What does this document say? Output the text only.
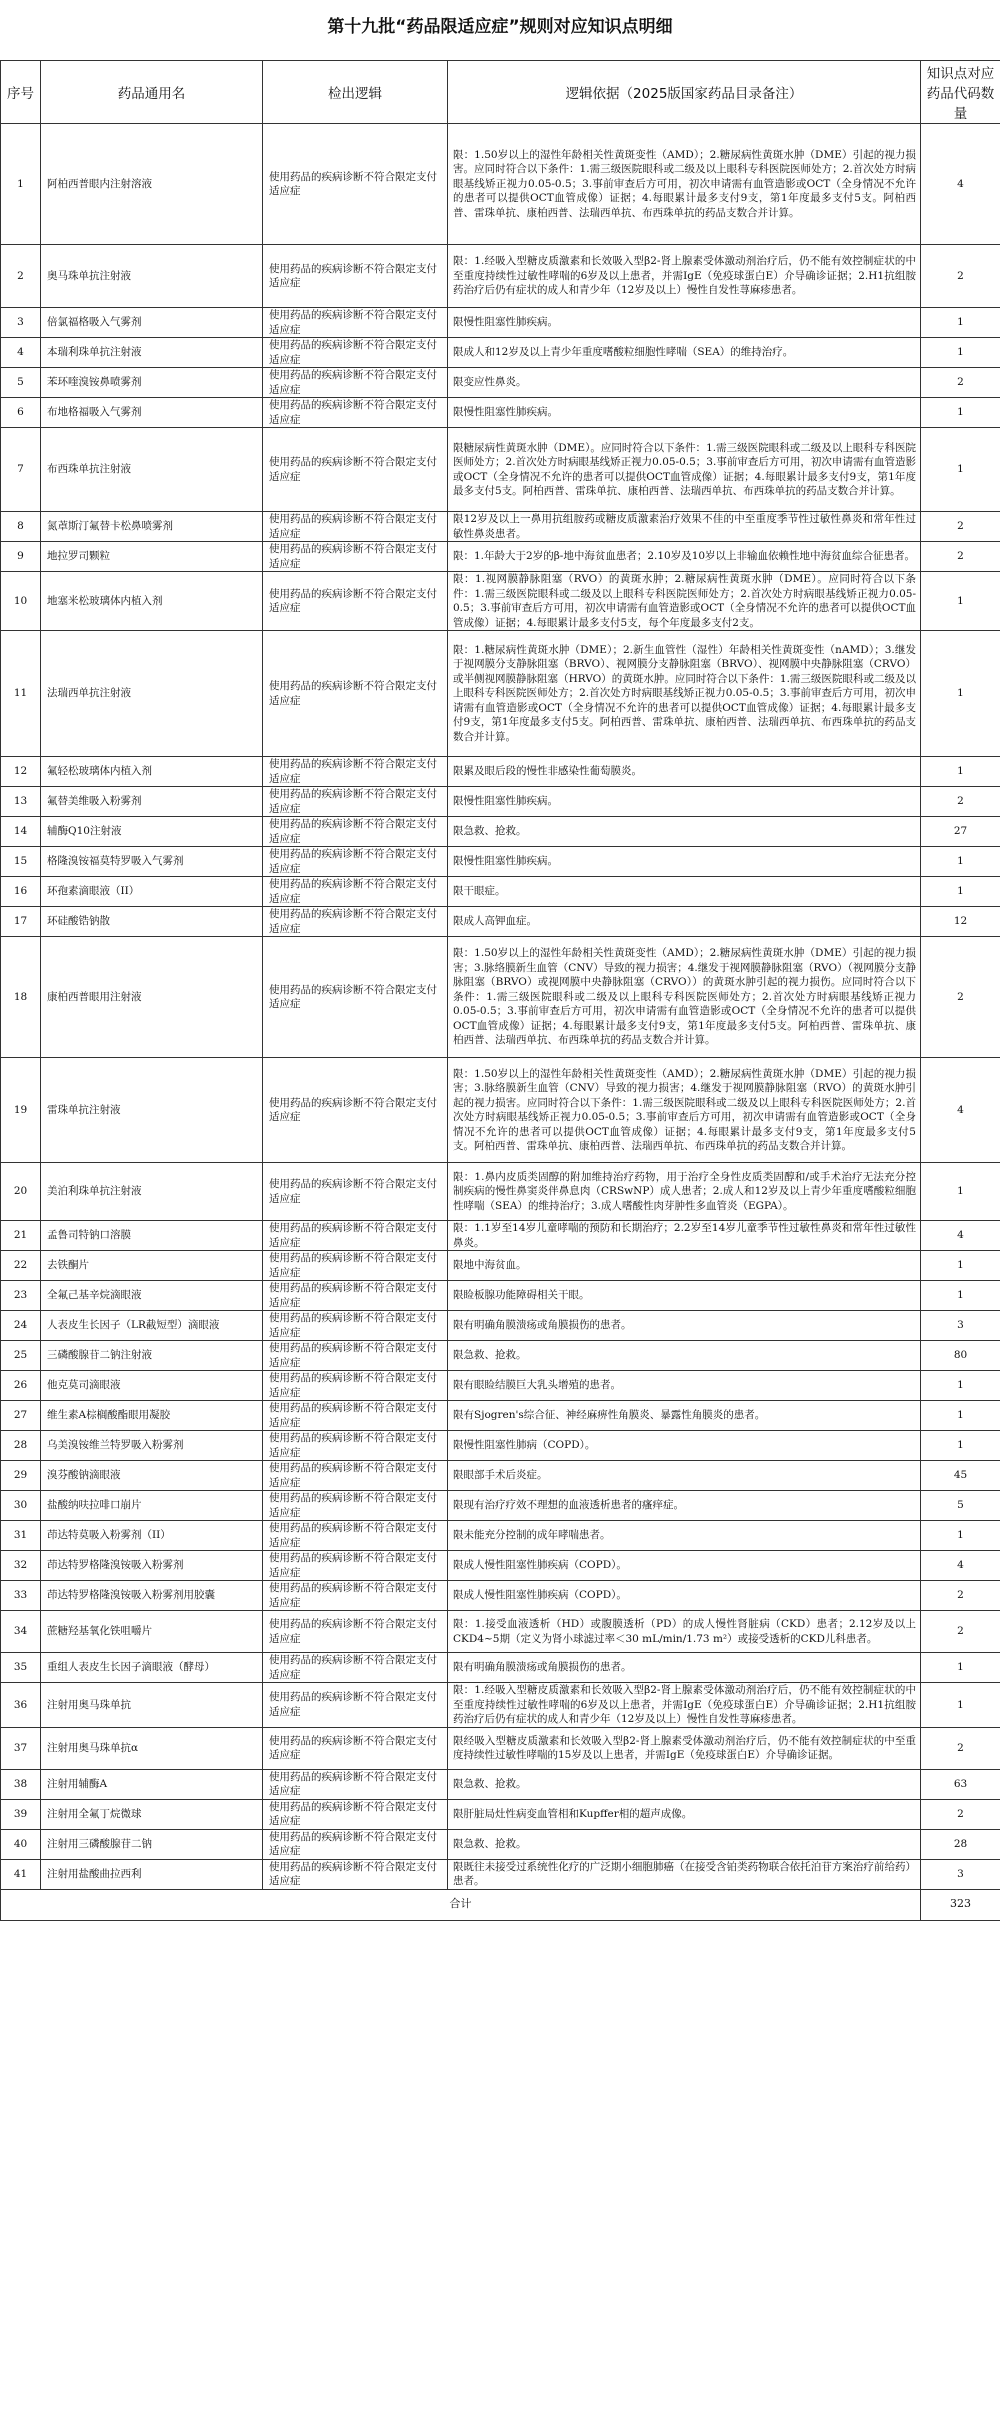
第十九批“药品限适应症”规则对应知识点明细
序号	药品通用名	检出逻辑	逻辑依据（2025版国家药品目录备注）	知识点对应药品代码数量
1	阿柏西普眼内注射溶液	使用药品的疾病诊断不符合限定支付适应症	限：1.50岁以上的湿性年龄相关性黄斑变性（AMD）；2.糖尿病性黄斑水肿（DME）引起的视力损害。应同时符合以下条件：1.需三级医院眼科或二级及以上眼科专科医院医师处方；2.首次处方时病眼基线矫正视力0.05-0.5；3.事前审查后方可用，初次申请需有血管造影或OCT（全身情况不允许的患者可以提供OCT血管成像）证据；4.每眼累计最多支付9支，第1年度最多支付5支。阿柏西普、雷珠单抗、康柏西普、法瑞西单抗、布西珠单抗的药品支数合并计算。	4
2	奥马珠单抗注射液	使用药品的疾病诊断不符合限定支付适应症	限：1.经吸入型糖皮质激素和长效吸入型β2-肾上腺素受体激动剂治疗后，仍不能有效控制症状的中至重度持续性过敏性哮喘的6岁及以上患者，并需IgE（免疫球蛋白E）介导确诊证据；2.H1抗组胺药治疗后仍有症状的成人和青少年（12岁及以上）慢性自发性荨麻疹患者。	2
3	倍氯福格吸入气雾剂	使用药品的疾病诊断不符合限定支付适应症	限慢性阻塞性肺疾病。	1
4	本瑞利珠单抗注射液	使用药品的疾病诊断不符合限定支付适应症	限成人和12岁及以上青少年重度嗜酸粒细胞性哮喘（SEA）的维持治疗。	1
5	苯环喹溴铵鼻喷雾剂	使用药品的疾病诊断不符合限定支付适应症	限变应性鼻炎。	2
6	布地格福吸入气雾剂	使用药品的疾病诊断不符合限定支付适应症	限慢性阻塞性肺疾病。	1
7	布西珠单抗注射液	使用药品的疾病诊断不符合限定支付适应症	限糖尿病性黄斑水肿（DME）。应同时符合以下条件：1.需三级医院眼科或二级及以上眼科专科医院医师处方；2.首次处方时病眼基线矫正视力0.05-0.5；3.事前审查后方可用，初次申请需有血管造影或OCT（全身情况不允许的患者可以提供OCT血管成像）证据；4.每眼累计最多支付9支，第1年度最多支付5支。阿柏西普、雷珠单抗、康柏西普、法瑞西单抗、布西珠单抗的药品支数合并计算。	1
8	氮䓬斯汀氟替卡松鼻喷雾剂	使用药品的疾病诊断不符合限定支付适应症	限12岁及以上一鼻用抗组胺药或糖皮质激素治疗效果不佳的中至重度季节性过敏性鼻炎和常年性过敏性鼻炎患者。	2
9	地拉罗司颗粒	使用药品的疾病诊断不符合限定支付适应症	限：1.年龄大于2岁的β-地中海贫血患者；2.10岁及10岁以上非输血依赖性地中海贫血综合征患者。	2
10	地塞米松玻璃体内植入剂	使用药品的疾病诊断不符合限定支付适应症	限：1.视网膜静脉阻塞（RVO）的黄斑水肿；2.糖尿病性黄斑水肿（DME）。应同时符合以下条件：1.需三级医院眼科或二级及以上眼科专科医院医师处方；2.首次处方时病眼基线矫正视力0.05-0.5；3.事前审查后方可用，初次申请需有血管造影或OCT（全身情况不允许的患者可以提供OCT血管成像）证据；4.每眼累计最多支付5支，每个年度最多支付2支。	1
11	法瑞西单抗注射液	使用药品的疾病诊断不符合限定支付适应症	限：1.糖尿病性黄斑水肿（DME）；2.新生血管性（湿性）年龄相关性黄斑变性（nAMD）；3.继发于视网膜分支静脉阻塞（BRVO）、视网膜分支静脉阻塞（BRVO）、视网膜中央静脉阻塞（CRVO）或半侧视网膜静脉阻塞（HRVO）的黄斑水肿。应同时符合以下条件：1.需三级医院眼科或二级及以上眼科专科医院医师处方；2.首次处方时病眼基线矫正视力0.05-0.5；3.事前审查后方可用，初次申请需有血管造影或OCT（全身情况不允许的患者可以提供OCT血管成像）证据；4.每眼累计最多支付9支，第1年度最多支付5支。阿柏西普、雷珠单抗、康柏西普、法瑞西单抗、布西珠单抗的药品支数合并计算。	1
12	氟轻松玻璃体内植入剂	使用药品的疾病诊断不符合限定支付适应症	限累及眼后段的慢性非感染性葡萄膜炎。	1
13	氟替美维吸入粉雾剂	使用药品的疾病诊断不符合限定支付适应症	限慢性阻塞性肺疾病。	2
14	辅酶Q10注射液	使用药品的疾病诊断不符合限定支付适应症	限急救、抢救。	27
15	格隆溴铵福莫特罗吸入气雾剂	使用药品的疾病诊断不符合限定支付适应症	限慢性阻塞性肺疾病。	1
16	环孢素滴眼液（II）	使用药品的疾病诊断不符合限定支付适应症	限干眼症。	1
17	环硅酸锆钠散	使用药品的疾病诊断不符合限定支付适应症	限成人高钾血症。	12
18	康柏西普眼用注射液	使用药品的疾病诊断不符合限定支付适应症	限：1.50岁以上的湿性年龄相关性黄斑变性（AMD）；2.糖尿病性黄斑水肿（DME）引起的视力损害；3.脉络膜新生血管（CNV）导致的视力损害；4.继发于视网膜静脉阻塞（RVO）（视网膜分支静脉阻塞（BRVO）或视网膜中央静脉阻塞（CRVO））的黄斑水肿引起的视力损伤。应同时符合以下条件：1.需三级医院眼科或二级及以上眼科专科医院医师处方；2.首次处方时病眼基线矫正视力0.05-0.5；3.事前审查后方可用，初次申请需有血管造影或OCT（全身情况不允许的患者可以提供OCT血管成像）证据；4.每眼累计最多支付9支，第1年度最多支付5支。阿柏西普、雷珠单抗、康柏西普、法瑞西单抗、布西珠单抗的药品支数合并计算。	2
19	雷珠单抗注射液	使用药品的疾病诊断不符合限定支付适应症	限：1.50岁以上的湿性年龄相关性黄斑变性（AMD）；2.糖尿病性黄斑水肿（DME）引起的视力损害；3.脉络膜新生血管（CNV）导致的视力损害；4.继发于视网膜静脉阻塞（RVO）的黄斑水肿引起的视力损害。应同时符合以下条件：1.需三级医院眼科或二级及以上眼科专科医院医师处方；2.首次处方时病眼基线矫正视力0.05-0.5；3.事前审查后方可用，初次申请需有血管造影或OCT（全身情况不允许的患者可以提供OCT血管成像）证据；4.每眼累计最多支付9支，第1年度最多支付5支。阿柏西普、雷珠单抗、康柏西普、法瑞西单抗、布西珠单抗的药品支数合并计算。	4
20	美泊利珠单抗注射液	使用药品的疾病诊断不符合限定支付适应症	限：1.鼻内皮质类固醇的附加维持治疗药物，用于治疗全身性皮质类固醇和/或手术治疗无法充分控制疾病的慢性鼻窦炎伴鼻息肉（CRSwNP）成人患者；2.成人和12岁及以上青少年重度嗜酸粒细胞性哮喘（SEA）的维持治疗；3.成人嗜酸性肉芽肿性多血管炎（EGPA）。	1
21	孟鲁司特钠口溶膜	使用药品的疾病诊断不符合限定支付适应症	限：1.1岁至14岁儿童哮喘的预防和长期治疗；2.2岁至14岁儿童季节性过敏性鼻炎和常年性过敏性鼻炎。	4
22	去铁酮片	使用药品的疾病诊断不符合限定支付适应症	限地中海贫血。	1
23	全氟己基辛烷滴眼液	使用药品的疾病诊断不符合限定支付适应症	限睑板腺功能障碍相关干眼。	1
24	人表皮生长因子（LR截短型）滴眼液	使用药品的疾病诊断不符合限定支付适应症	限有明确角膜溃疡或角膜损伤的患者。	3
25	三磷酸腺苷二钠注射液	使用药品的疾病诊断不符合限定支付适应症	限急救、抢救。	80
26	他克莫司滴眼液	使用药品的疾病诊断不符合限定支付适应症	限有眼睑结膜巨大乳头增殖的患者。	1
27	维生素A棕榈酸酯眼用凝胶	使用药品的疾病诊断不符合限定支付适应症	限有Sjogren's综合征、神经麻痹性角膜炎、暴露性角膜炎的患者。	1
28	乌美溴铵维兰特罗吸入粉雾剂	使用药品的疾病诊断不符合限定支付适应症	限慢性阻塞性肺病（COPD）。	1
29	溴芬酸钠滴眼液	使用药品的疾病诊断不符合限定支付适应症	限眼部手术后炎症。	45
30	盐酸纳呋拉啡口崩片	使用药品的疾病诊断不符合限定支付适应症	限现有治疗疗效不理想的血液透析患者的瘙痒症。	5
31	茚达特莫吸入粉雾剂（II）	使用药品的疾病诊断不符合限定支付适应症	限未能充分控制的成年哮喘患者。	1
32	茚达特罗格隆溴铵吸入粉雾剂	使用药品的疾病诊断不符合限定支付适应症	限成人慢性阻塞性肺疾病（COPD）。	4
33	茚达特罗格隆溴铵吸入粉雾剂用胶囊	使用药品的疾病诊断不符合限定支付适应症	限成人慢性阻塞性肺疾病（COPD）。	2
34	蔗糖羟基氧化铁咀嚼片	使用药品的疾病诊断不符合限定支付适应症	限：1.接受血液透析（HD）或腹膜透析（PD）的成人慢性肾脏病（CKD）患者；2.12岁及以上CKD4~5期（定义为肾小球滤过率＜30 mL/min/1.73 m²）或接受透析的CKD儿科患者。	2
35	重组人表皮生长因子滴眼液（酵母）	使用药品的疾病诊断不符合限定支付适应症	限有明确角膜溃疡或角膜损伤的患者。	1
36	注射用奥马珠单抗	使用药品的疾病诊断不符合限定支付适应症	限：1.经吸入型糖皮质激素和长效吸入型β2-肾上腺素受体激动剂治疗后，仍不能有效控制症状的中至重度持续性过敏性哮喘的6岁及以上患者，并需IgE（免疫球蛋白E）介导确诊证据；2.H1抗组胺药治疗后仍有症状的成人和青少年（12岁及以上）慢性自发性荨麻疹患者。	1
37	注射用奥马珠单抗α	使用药品的疾病诊断不符合限定支付适应症	限经吸入型糖皮质激素和长效吸入型β2-肾上腺素受体激动剂治疗后，仍不能有效控制症状的中至重度持续性过敏性哮喘的15岁及以上患者，并需IgE（免疫球蛋白E）介导确诊证据。	2
38	注射用辅酶A	使用药品的疾病诊断不符合限定支付适应症	限急救、抢救。	63
39	注射用全氟丁烷微球	使用药品的疾病诊断不符合限定支付适应症	限肝脏局灶性病变血管相和Kupffer相的超声成像。	2
40	注射用三磷酸腺苷二钠	使用药品的疾病诊断不符合限定支付适应症	限急救、抢救。	28
41	注射用盐酸曲拉西利	使用药品的疾病诊断不符合限定支付适应症	限既往未接受过系统性化疗的广泛期小细胞肺癌（在接受含铂类药物联合依托泊苷方案治疗前给药）患者。	3
合计				323
